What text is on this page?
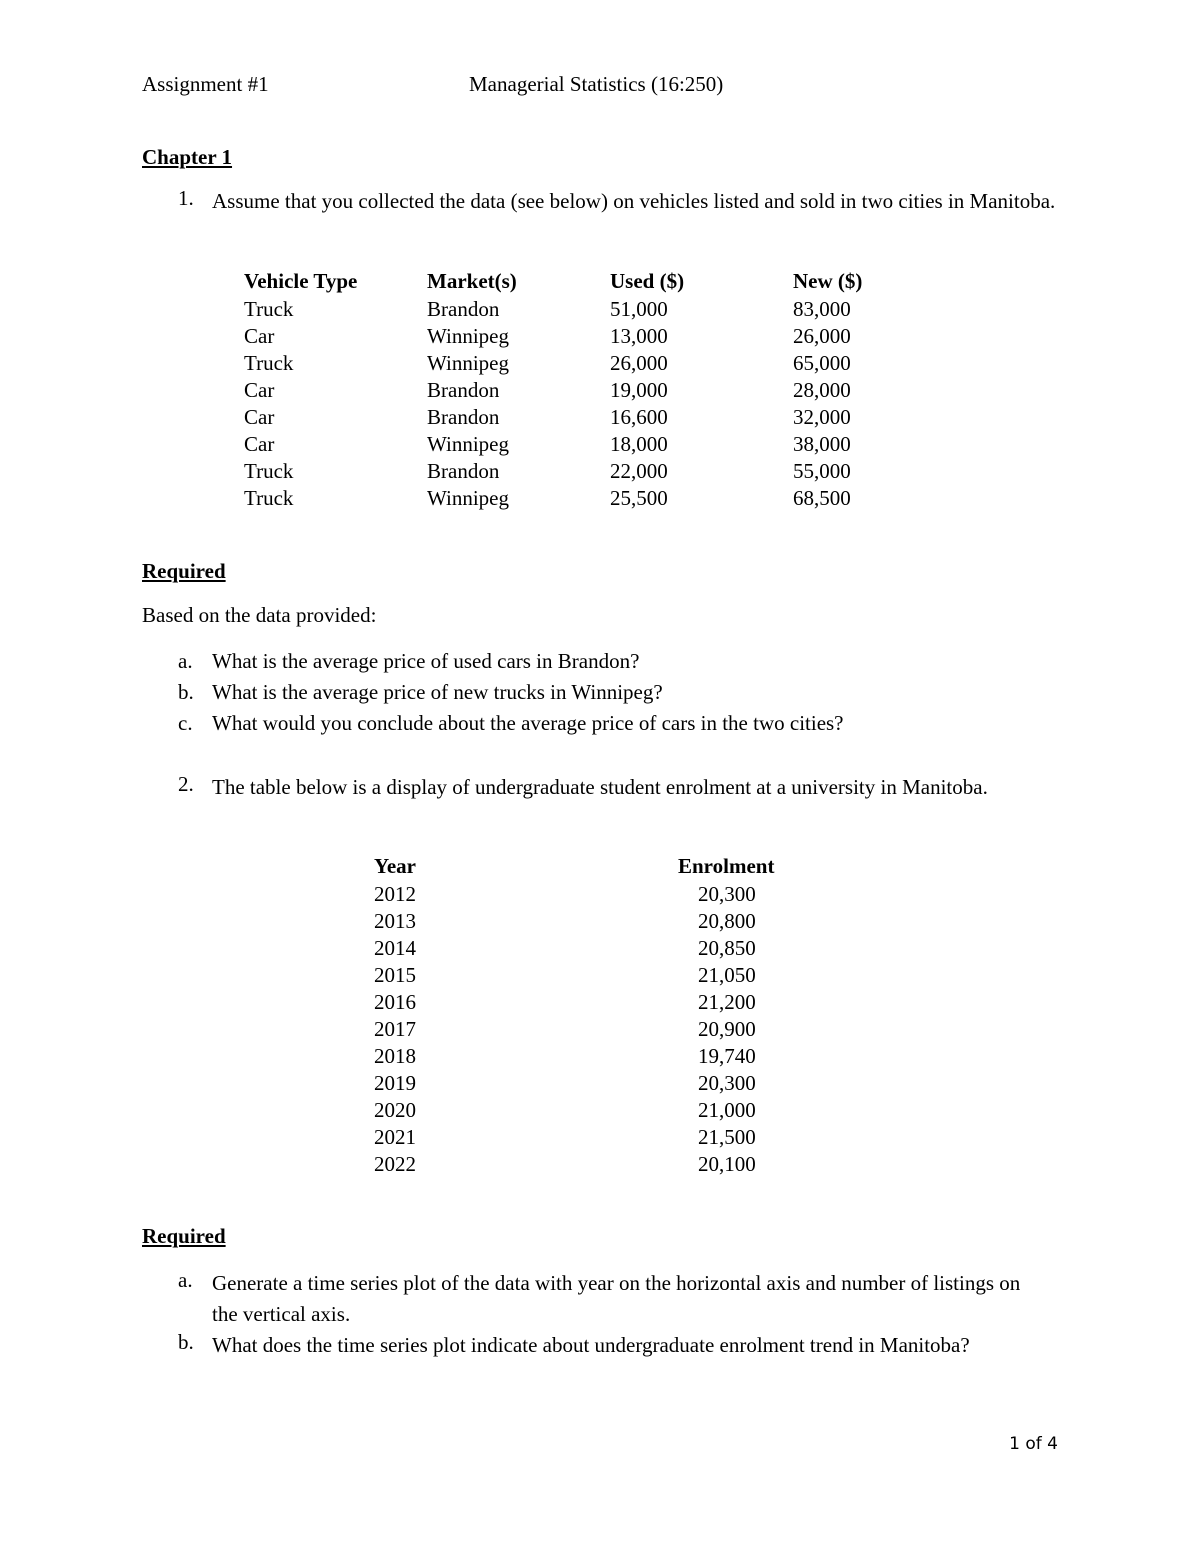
Assignment #1	Managerial Statistics (16:250)
Chapter 1
1. Assume that you collected the data (see below) on vehicles listed and sold in two cities in Manitoba.
Vehicle Type	Market(s)	Used ($)	New ($)
Truck	Brandon	51,000	83,000
Car	Winnipeg	13,000	26,000
Truck	Winnipeg	26,000	65,000
Car	Brandon	19,000	28,000
Car	Brandon	16,600	32,000
Car	Winnipeg	18,000	38,000
Truck	Brandon	22,000	55,000
Truck	Winnipeg	25,500	68,500
Required
Based on the data provided:
a. What is the average price of used cars in Brandon?
b. What is the average price of new trucks in Winnipeg?
c. What would you conclude about the average price of cars in the two cities?
2. The table below is a display of undergraduate student enrolment at a university in Manitoba.
Year	Enrolment
2012	20,300
2013	20,800
2014	20,850
2015	21,050
2016	21,200
2017	20,900
2018	19,740
2019	20,300
2020	21,000
2021	21,500
2022	20,100
Required
a. Generate a time series plot of the data with year on the horizontal axis and number of listings on the vertical axis.
b. What does the time series plot indicate about undergraduate enrolment trend in Manitoba?
1 of 4
